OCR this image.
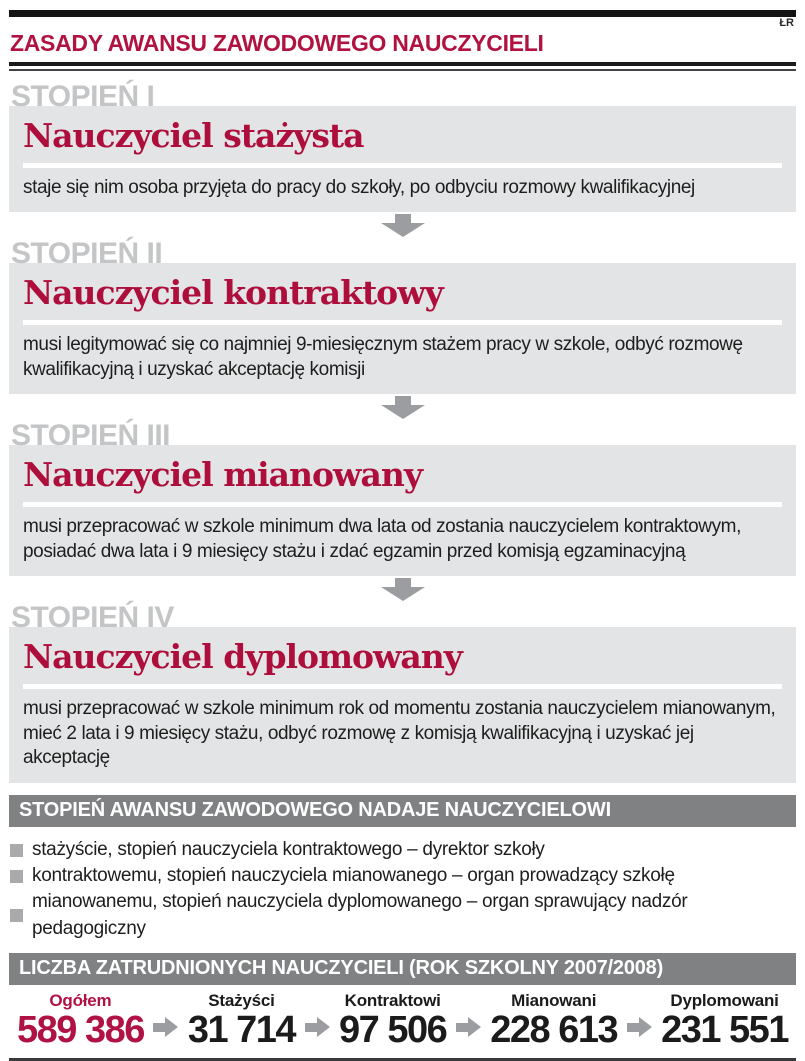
ŁR
ZASADY AWANSU ZAWODOWEGO NAUCZYCIELI
STOPIEŃ I
Nauczyciel stażysta
staje się nim osoba przyjęta do pracy do szkoły, po odbyciu rozmowy kwalifikacyjnej
STOPIEŃ II
Nauczyciel kontraktowy
musi legitymować się co najmniej 9-miesięcznym stażem pracy w szkole, odbyć rozmowę kwalifikacyjną i uzyskać akceptację komisji
STOPIEŃ III
Nauczyciel mianowany
musi przepracować w szkole minimum dwa lata od zostania nauczycielem kontraktowym, posiadać dwa lata i 9 miesięcy stażu i zdać egzamin przed komisją egzaminacyjną
STOPIEŃ IV
Nauczyciel dyplomowany
musi przepracować w szkole minimum rok od momentu zostania nauczycielem mianowanym, mieć 2 lata i 9 miesięcy stażu, odbyć rozmowę z komisją kwalifikacyjną i uzyskać jej akceptację
STOPIEŃ AWANSU ZAWODOWEGO NADAJE NAUCZYCIELOWI
stażyście, stopień nauczyciela kontraktowego – dyrektor szkoły
kontraktowemu, stopień nauczyciela mianowanego – organ prowadzący szkołę
mianowanemu, stopień nauczyciela dyplomowanego – organ sprawujący nadzór pedagogiczny
LICZBA ZATRUDNIONYCH NAUCZYCIELI (ROK SZKOLNY 2007/2008)
Ogółem
589 386
Stażyści
31 714
Kontraktowi
97 506
Mianowani
228 613
Dyplomowani
231 551
